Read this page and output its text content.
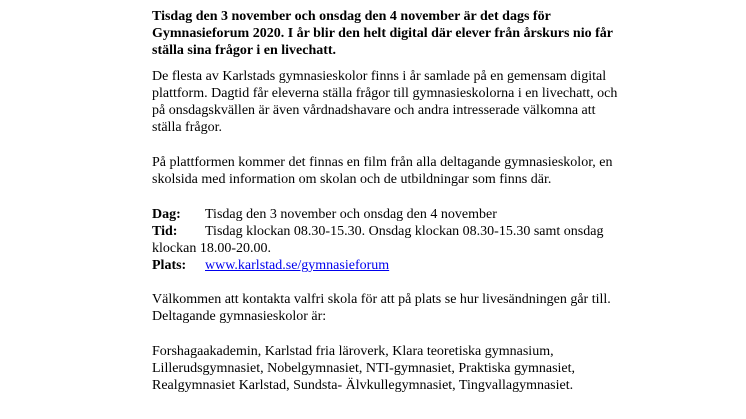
Tisdag den 3 november och onsdag den 4 november är det dags för Gymnasieforum 2020. I år blir den helt digital där elever från årskurs nio får ställa sina frågor i en livechatt.

De flesta av Karlstads gymnasieskolor finns i år samlade på en gemensam digital plattform. Dagtid får eleverna ställa frågor till gymnasieskolorna i en livechatt, och på onsdagskvällen är även vårdnadshavare och andra intresserade välkomna att ställa frågor.

På plattformen kommer det finnas en film från alla deltagande gymnasieskolor, en skolsida med information om skolan och de utbildningar som finns där.

Dag: Tisdag den 3 november och onsdag den 4 november
Tid: Tisdag klockan 08.30-15.30. Onsdag klockan 08.30-15.30 samt onsdag klockan 18.00-20.00.
Plats: www.karlstad.se/gymnasieforum

Välkommen att kontakta valfri skola för att på plats se hur livesändningen går till. Deltagande gymnasieskolor är:

Forshagaakademin, Karlstad fria läroverk, Klara teoretiska gymnasium, Lillerudsgymnasiet, Nobelgymnasiet, NTI-gymnasiet, Praktiska gymnasiet, Realgymnasiet Karlstad, Sundsta- Älvkullegymnasiet, Tingvallagymnasiet.
